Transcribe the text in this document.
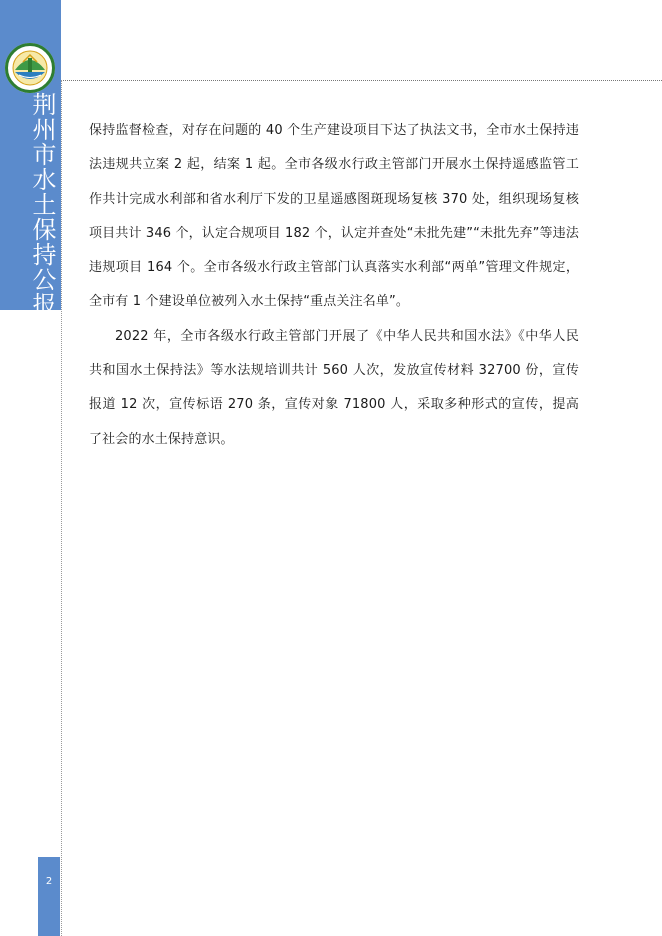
荆州市水土保持公报	保持监督检查，对存在问题的 40 个生产建设项目下达了执法文书，全市水土保持违法违规共立案 2 起，结案 1 起。全市各级水行政主管部门开展水土保持遥感监管工作共计完成水利部和省水利厅下发的卫星遥感图斑现场复核 370 处，组织现场复核项目共计 346 个，认定合规项目 182 个，认定并查处“未批先建”“未批先弃”等违法违规项目 164 个。全市各级水行政主管部门认真落实水利部“两单”管理文件规定，全市有 1 个建设单位被列入水土保持“重点关注名单”。

2022 年，全市各级水行政主管部门开展了《中华人民共和国水法》《中华人民共和国水土保持法》等水法规培训共计 560 人次，发放宣传材料 32700 份，宣传报道 12 次，宣传标语 270 条，宣传对象 71800 人，采取多种形式的宣传，提高了社会的水土保持意识。

2
